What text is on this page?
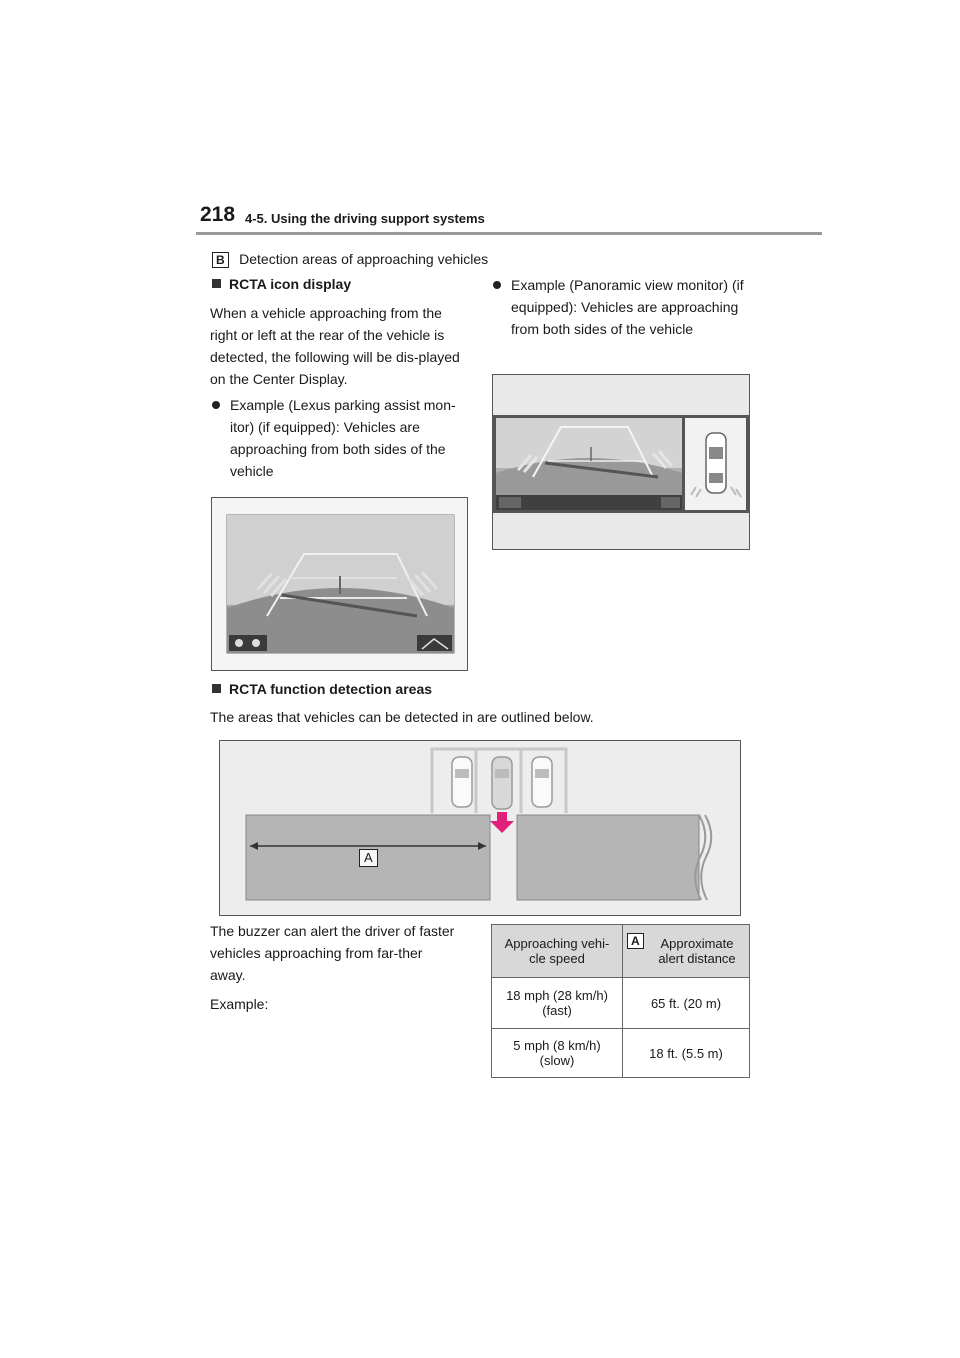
218 4-5. Using the driving support systems
B Detection areas of approaching vehicles
RCTA icon display
When a vehicle approaching from the right or left at the rear of the vehicle is detected, the following will be dis-played on the Center Display.
Example (Lexus parking assist mon-itor) (if equipped): Vehicles are approaching from both sides of the vehicle
Example (Panoramic view monitor) (if equipped): Vehicles are approaching from both sides of the vehicle
RCTA function detection areas
The areas that vehicles can be detected in are outlined below.
A
The buzzer can alert the driver of faster vehicles approaching from far-ther away.
Example:
Approaching vehi-cle speed	A Approximate alert distance

18 mph (28 km/h)
(fast)	65 ft. (20 m)

5 mph (8 km/h)
(slow)	18 ft. (5.5 m)
